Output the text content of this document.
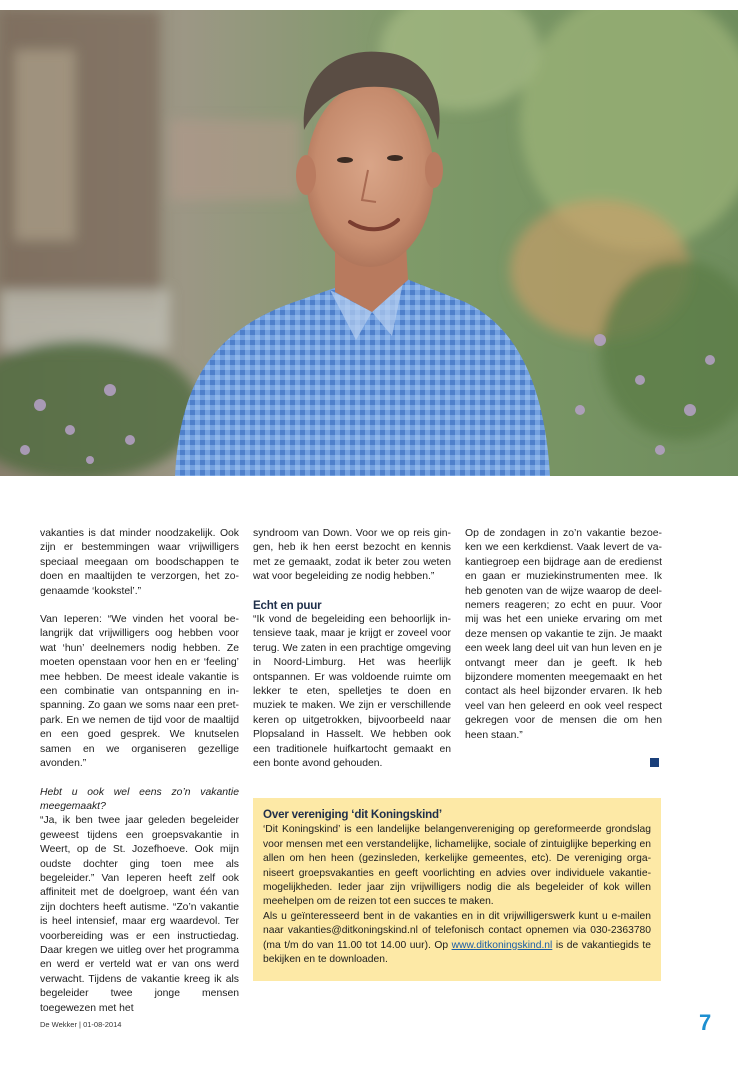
vakanties is dat minder noodzakelijk. Ook zijn er bestemmingen waar vrijwilligers speciaal meegaan om boodschappen te doen en maaltijden te verzorgen, het zogenaamde ‘kookstel’.”

Van Ieperen: “We vinden het vooral belangrijk dat vrijwilligers oog hebben voor wat ‘hun’ deelnemers nodig hebben. Ze moeten openstaan voor hen en er ‘feeling’ mee hebben. De meest ideale vakantie is een combinatie van ontspanning en inspanning. Zo gaan we soms naar een pretpark. En we nemen de tijd voor de maaltijd en een goed gesprek. We knutselen samen en we organiseren gezellige avonden.”

Hebt u ook wel eens zo’n vakantie meegemaakt?

“Ja, ik ben twee jaar geleden begeleider geweest tijdens een groepsvakantie in Weert, op de St. Jozefhoeve. Ook mijn oudste dochter ging toen mee als begeleider.” Van Ieperen heeft zelf ook affiniteit met de doelgroep, want één van zijn dochters heeft autisme. “Zo’n vakantie is heel intensief, maar erg waardevol. Ter voorbereiding was er een instructiedag. Daar kregen we uitleg over het programma en werd er verteld wat er van ons werd verwacht. Tijdens de vakantie kreeg ik als begeleider twee jonge mensen toegewezen met het

syndroom van Down. Voor we op reis gingen, heb ik hen eerst bezocht en kennis met ze gemaakt, zodat ik beter zou weten wat voor begeleiding ze nodig hebben.”

Echt en puur

“Ik vond de begeleiding een behoorlijk intensieve taak, maar je krijgt er zoveel voor terug. We zaten in een prachtige omgeving in Noord-Limburg. Het was heerlijk ontspannen. Er was voldoende ruimte om lekker te eten, spelletjes te doen en muziek te maken. We zijn er verschillende keren op uitgetrokken, bijvoorbeeld naar Plopsaland in Hasselt. We hebben ook een traditionele huifkartocht gemaakt en een bonte avond gehouden.

Op de zondagen in zo’n vakantie bezoeken we een kerkdienst. Vaak levert de vakantiegroep een bijdrage aan de eredienst en gaan er muziekinstrumenten mee. Ik heb genoten van de wijze waarop de deelnemers reageren; zo echt en puur. Voor mij was het een unieke ervaring om met deze mensen op vakantie te zijn. Je maakt een week lang deel uit van hun leven en je ontvangt meer dan je geeft. Ik heb bijzondere momenten meegemaakt en het contact als heel bijzonder ervaren. Ik heb veel van hen geleerd en ook veel respect gekregen voor de mensen die om hen heen staan.”

Over vereniging ‘dit Koningskind’

‘Dit Koningskind’ is een landelijke belangenvereniging op gereformeerde grondslag voor mensen met een verstandelijke, lichamelijke, sociale of zintuiglijke beperking en allen om hen heen (gezinsleden, kerkelijke gemeentes, etc). De vereniging organiseert groepsvakanties en geeft voorlichting en advies over individuele vakantiemogelijkheden. Ieder jaar zijn vrijwilligers nodig die als begeleider of kok willen meehelpen om de reizen tot een succes te maken.

Als u geïnteresseerd bent in de vakanties en in dit vrijwilligerswerk kunt u e-mailen naar vakanties@ditkoningskind.nl of telefonisch contact opnemen via 030-2363780 (ma t/m do van 11.00 tot 14.00 uur). Op www.ditkoningskind.nl is de vakantiegids te bekijken en te downloaden.

De Wekker | 01-08-2014	7
